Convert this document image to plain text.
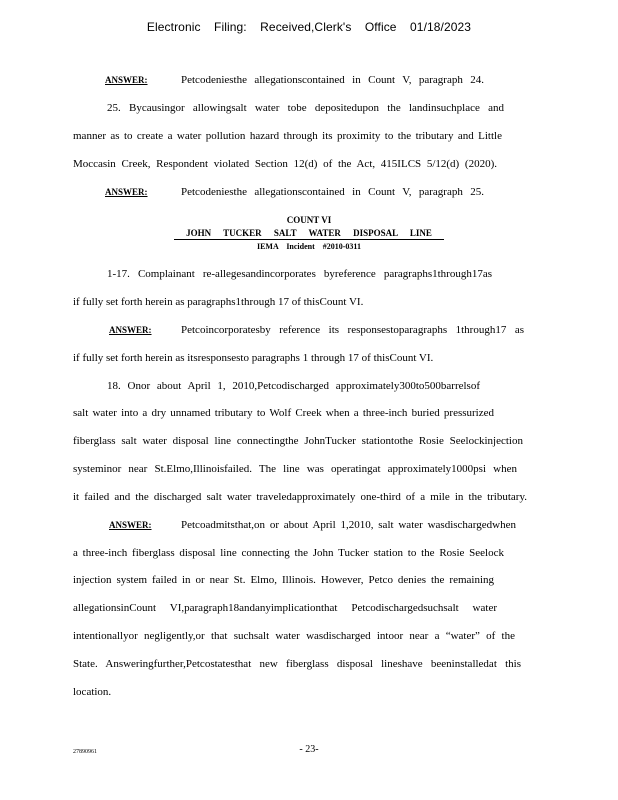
Electronic Filing: Received,Clerk's Office 01/18/2023
ANSWER:	Petcodeniesthe allegationscontained in Count V, paragraph 24.
25. Bycausingor allowingsalt water tobe depositedupon the landinsuchplace and
manner as to create a water pollution hazard through its proximity to the tributary and Little
Moccasin Creek, Respondent violated Section 12(d) of the Act, 415ILCS 5/12(d) (2020).
ANSWER:	Petcodeniesthe allegationscontained in Count V, paragraph 25.
COUNT VI
JOHN TUCKER SALT WATER DISPOSAL LINE
IEMA Incident #2010-0311
1-17. Complainant re-allegesandincorporates byreference paragraphs1through17as
if fully set forth herein as paragraphs1through 17 of thisCount VI.
ANSWER:	Petcoincorporatesby reference its responsestoparagraphs 1through17 as
if fully set forth herein as itsresponsesto paragraphs 1 through 17 of thisCount VI.
18. Onor about April 1, 2010,Petcodischarged approximately300to500barrelsof
salt water into a dry unnamed tributary to Wolf Creek when a three-inch buried pressurized
fiberglass salt water disposal line connectingthe JohnTucker stationtothe Rosie Seelockinjection
systeminor near St.Elmo,Illinoisfailed. The line was operatingat approximately1000psi when
it failed and the discharged salt water traveledapproximately one-third of a mile in the tributary.
ANSWER:	Petcoadmitsthat,on or about April 1,2010, salt water wasdischargedwhen
a three-inch fiberglass disposal line connecting the John Tucker station to the Rosie Seelock
injection system failed in or near St. Elmo, Illinois. However, Petco denies the remaining
allegationsinCount VI,paragraph18andanyimplicationthat Petcodischargedsuchsalt water
intentionallyor negligently,or that suchsalt water wasdischarged intoor near a “water” of the
State. Answeringfurther,Petcostatesthat new fiberglass disposal lineshave beeninstalledat this
location.
27890961	- 23-
